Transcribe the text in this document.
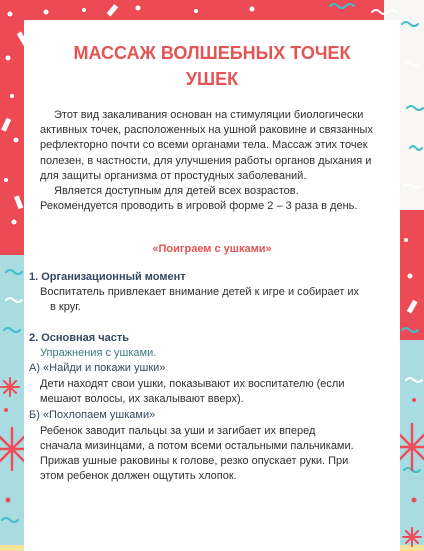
МАССАЖ ВОЛШЕБНЫХ ТОЧЕК
УШЕК

Этот вид закаливания основан на стимуляции биологически активных точек, расположенных на ушной раковине и связанных рефлекторно почти со всеми органами тела. Массаж этих точек полезен, в частности, для улучшения работы органов дыхания и для защиты организма от простудных заболеваний.

Является доступным для детей всех возрастов.

Рекомендуется проводить в игровой форме 2 – 3 раза в день.

«Поиграем с ушками»
1. Организационный момент
Воспитатель привлекает внимание детей к игре и собирает их
в круг.
2. Основная часть
Упражнения с ушками.
А) «Найди и покажи ушки»
Дети находят свои ушки, показывают их воспитателю (если
мешают волосы, их закалывают вверх).
Б) «Похлопаем ушками»
Ребенок заводит пальцы за уши и загибает их вперед
сначала мизинцами, а потом всеми остальными пальчиками.
Прижав ушные раковины к голове, резко опускает руки. При
этом ребенок должен ощутить хлопок.
